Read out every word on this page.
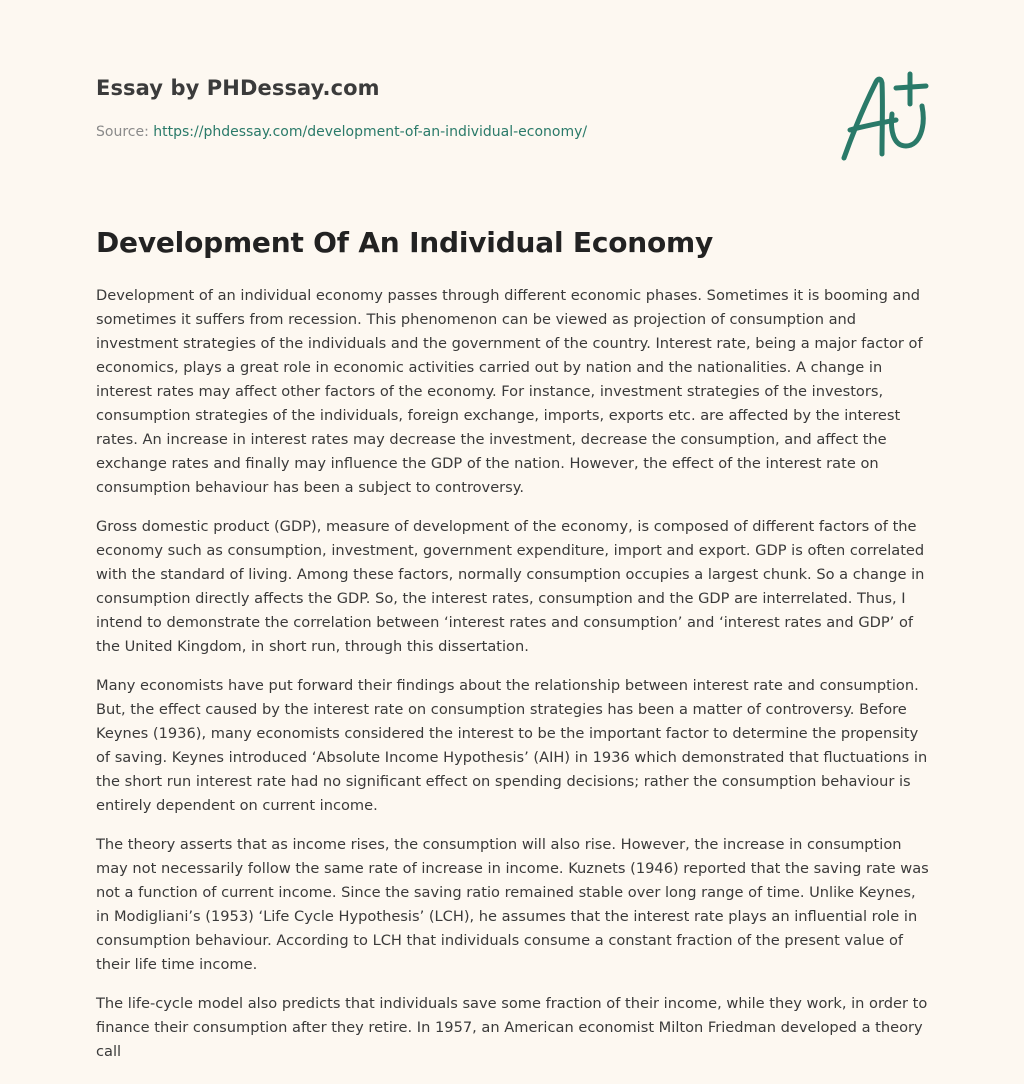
Essay by PHDessay.com
Source: https://phdessay.com/development-of-an-individual-economy/
Development Of An Individual Economy

Development of an individual economy passes through different economic phases. Sometimes it is booming and sometimes it suffers from recession. This phenomenon can be viewed as projection of consumption and investment strategies of the individuals and the government of the country. Interest rate, being a major factor of economics, plays a great role in economic activities carried out by nation and the nationalities. A change in interest rates may affect other factors of the economy. For instance, investment strategies of the investors, consumption strategies of the individuals, foreign exchange, imports, exports etc. are affected by the interest rates. An increase in interest rates may decrease the investment, decrease the consumption, and affect the exchange rates and finally may influence the GDP of the nation. However, the effect of the interest rate on consumption behaviour has been a subject to controversy.

Gross domestic product (GDP), measure of development of the economy, is composed of different factors of the economy such as consumption, investment, government expenditure, import and export. GDP is often correlated with the standard of living. Among these factors, normally consumption occupies a largest chunk. So a change in consumption directly affects the GDP. So, the interest rates, consumption and the GDP are interrelated. Thus, I intend to demonstrate the correlation between ‘interest rates and consumption’ and ‘interest rates and GDP’ of the United Kingdom, in short run, through this dissertation.

Many economists have put forward their findings about the relationship between interest rate and consumption. But, the effect caused by the interest rate on consumption strategies has been a matter of controversy. Before Keynes (1936), many economists considered the interest to be the important factor to determine the propensity of saving. Keynes introduced ‘Absolute Income Hypothesis’ (AIH) in 1936 which demonstrated that fluctuations in the short run interest rate had no significant effect on spending decisions; rather the consumption behaviour is entirely dependent on current income.

The theory asserts that as income rises, the consumption will also rise. However, the increase in consumption may not necessarily follow the same rate of increase in income. Kuznets (1946) reported that the saving rate was not a function of current income. Since the saving ratio remained stable over long range of time. Unlike Keynes, in Modigliani’s (1953) ‘Life Cycle Hypothesis’ (LCH), he assumes that the interest rate plays an influential role in consumption behaviour. According to LCH that individuals consume a constant fraction of the present value of their life time income.

The life-cycle model also predicts that individuals save some fraction of their income, while they work, in order to finance their consumption after they retire. In 1957, an American economist Milton Friedman developed a theory call
